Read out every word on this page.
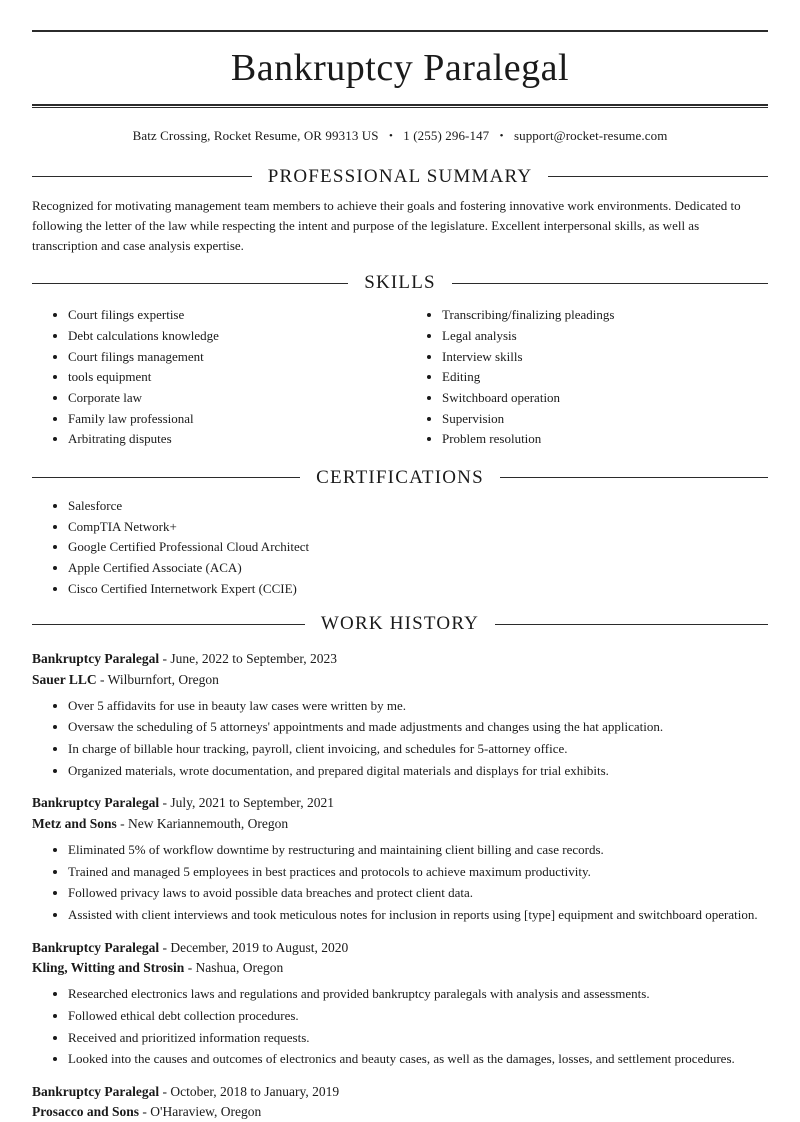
Bankruptcy Paralegal
Batz Crossing, Rocket Resume, OR 99313 US • 1 (255) 296-147 • support@rocket-resume.com
PROFESSIONAL SUMMARY

Recognized for motivating management team members to achieve their goals and fostering innovative work environments. Dedicated to following the letter of the law while respecting the intent and purpose of the legislature. Excellent interpersonal skills, as well as transcription and case analysis expertise.

SKILLS
• Court filings expertise
• Debt calculations knowledge
• Court filings management
• tools equipment
• Corporate law
• Family law professional
• Arbitrating disputes
• Transcribing/finalizing pleadings
• Legal analysis
• Interview skills
• Editing
• Switchboard operation
• Supervision
• Problem resolution
CERTIFICATIONS
• Salesforce
• CompTIA Network+
• Google Certified Professional Cloud Architect
• Apple Certified Associate (ACA)
• Cisco Certified Internetwork Expert (CCIE)
WORK HISTORY
Bankruptcy Paralegal - June, 2022 to September, 2023
Sauer LLC - Wilburnfort, Oregon
• Over 5 affidavits for use in beauty law cases were written by me.
• Oversaw the scheduling of 5 attorneys' appointments and made adjustments and changes using the hat application.
• In charge of billable hour tracking, payroll, client invoicing, and schedules for 5-attorney office.
• Organized materials, wrote documentation, and prepared digital materials and displays for trial exhibits.
Bankruptcy Paralegal - July, 2021 to September, 2021
Metz and Sons - New Kariannemouth, Oregon
• Eliminated 5% of workflow downtime by restructuring and maintaining client billing and case records.
• Trained and managed 5 employees in best practices and protocols to achieve maximum productivity.
• Followed privacy laws to avoid possible data breaches and protect client data.
• Assisted with client interviews and took meticulous notes for inclusion in reports using [type] equipment and switchboard operation.
Bankruptcy Paralegal - December, 2019 to August, 2020
Kling, Witting and Strosin - Nashua, Oregon
• Researched electronics laws and regulations and provided bankruptcy paralegals with analysis and assessments.
• Followed ethical debt collection procedures.
• Received and prioritized information requests.
• Looked into the causes and outcomes of electronics and beauty cases, as well as the damages, losses, and settlement procedures.
Bankruptcy Paralegal - October, 2018 to January, 2019
Prosacco and Sons - O'Haraview, Oregon
